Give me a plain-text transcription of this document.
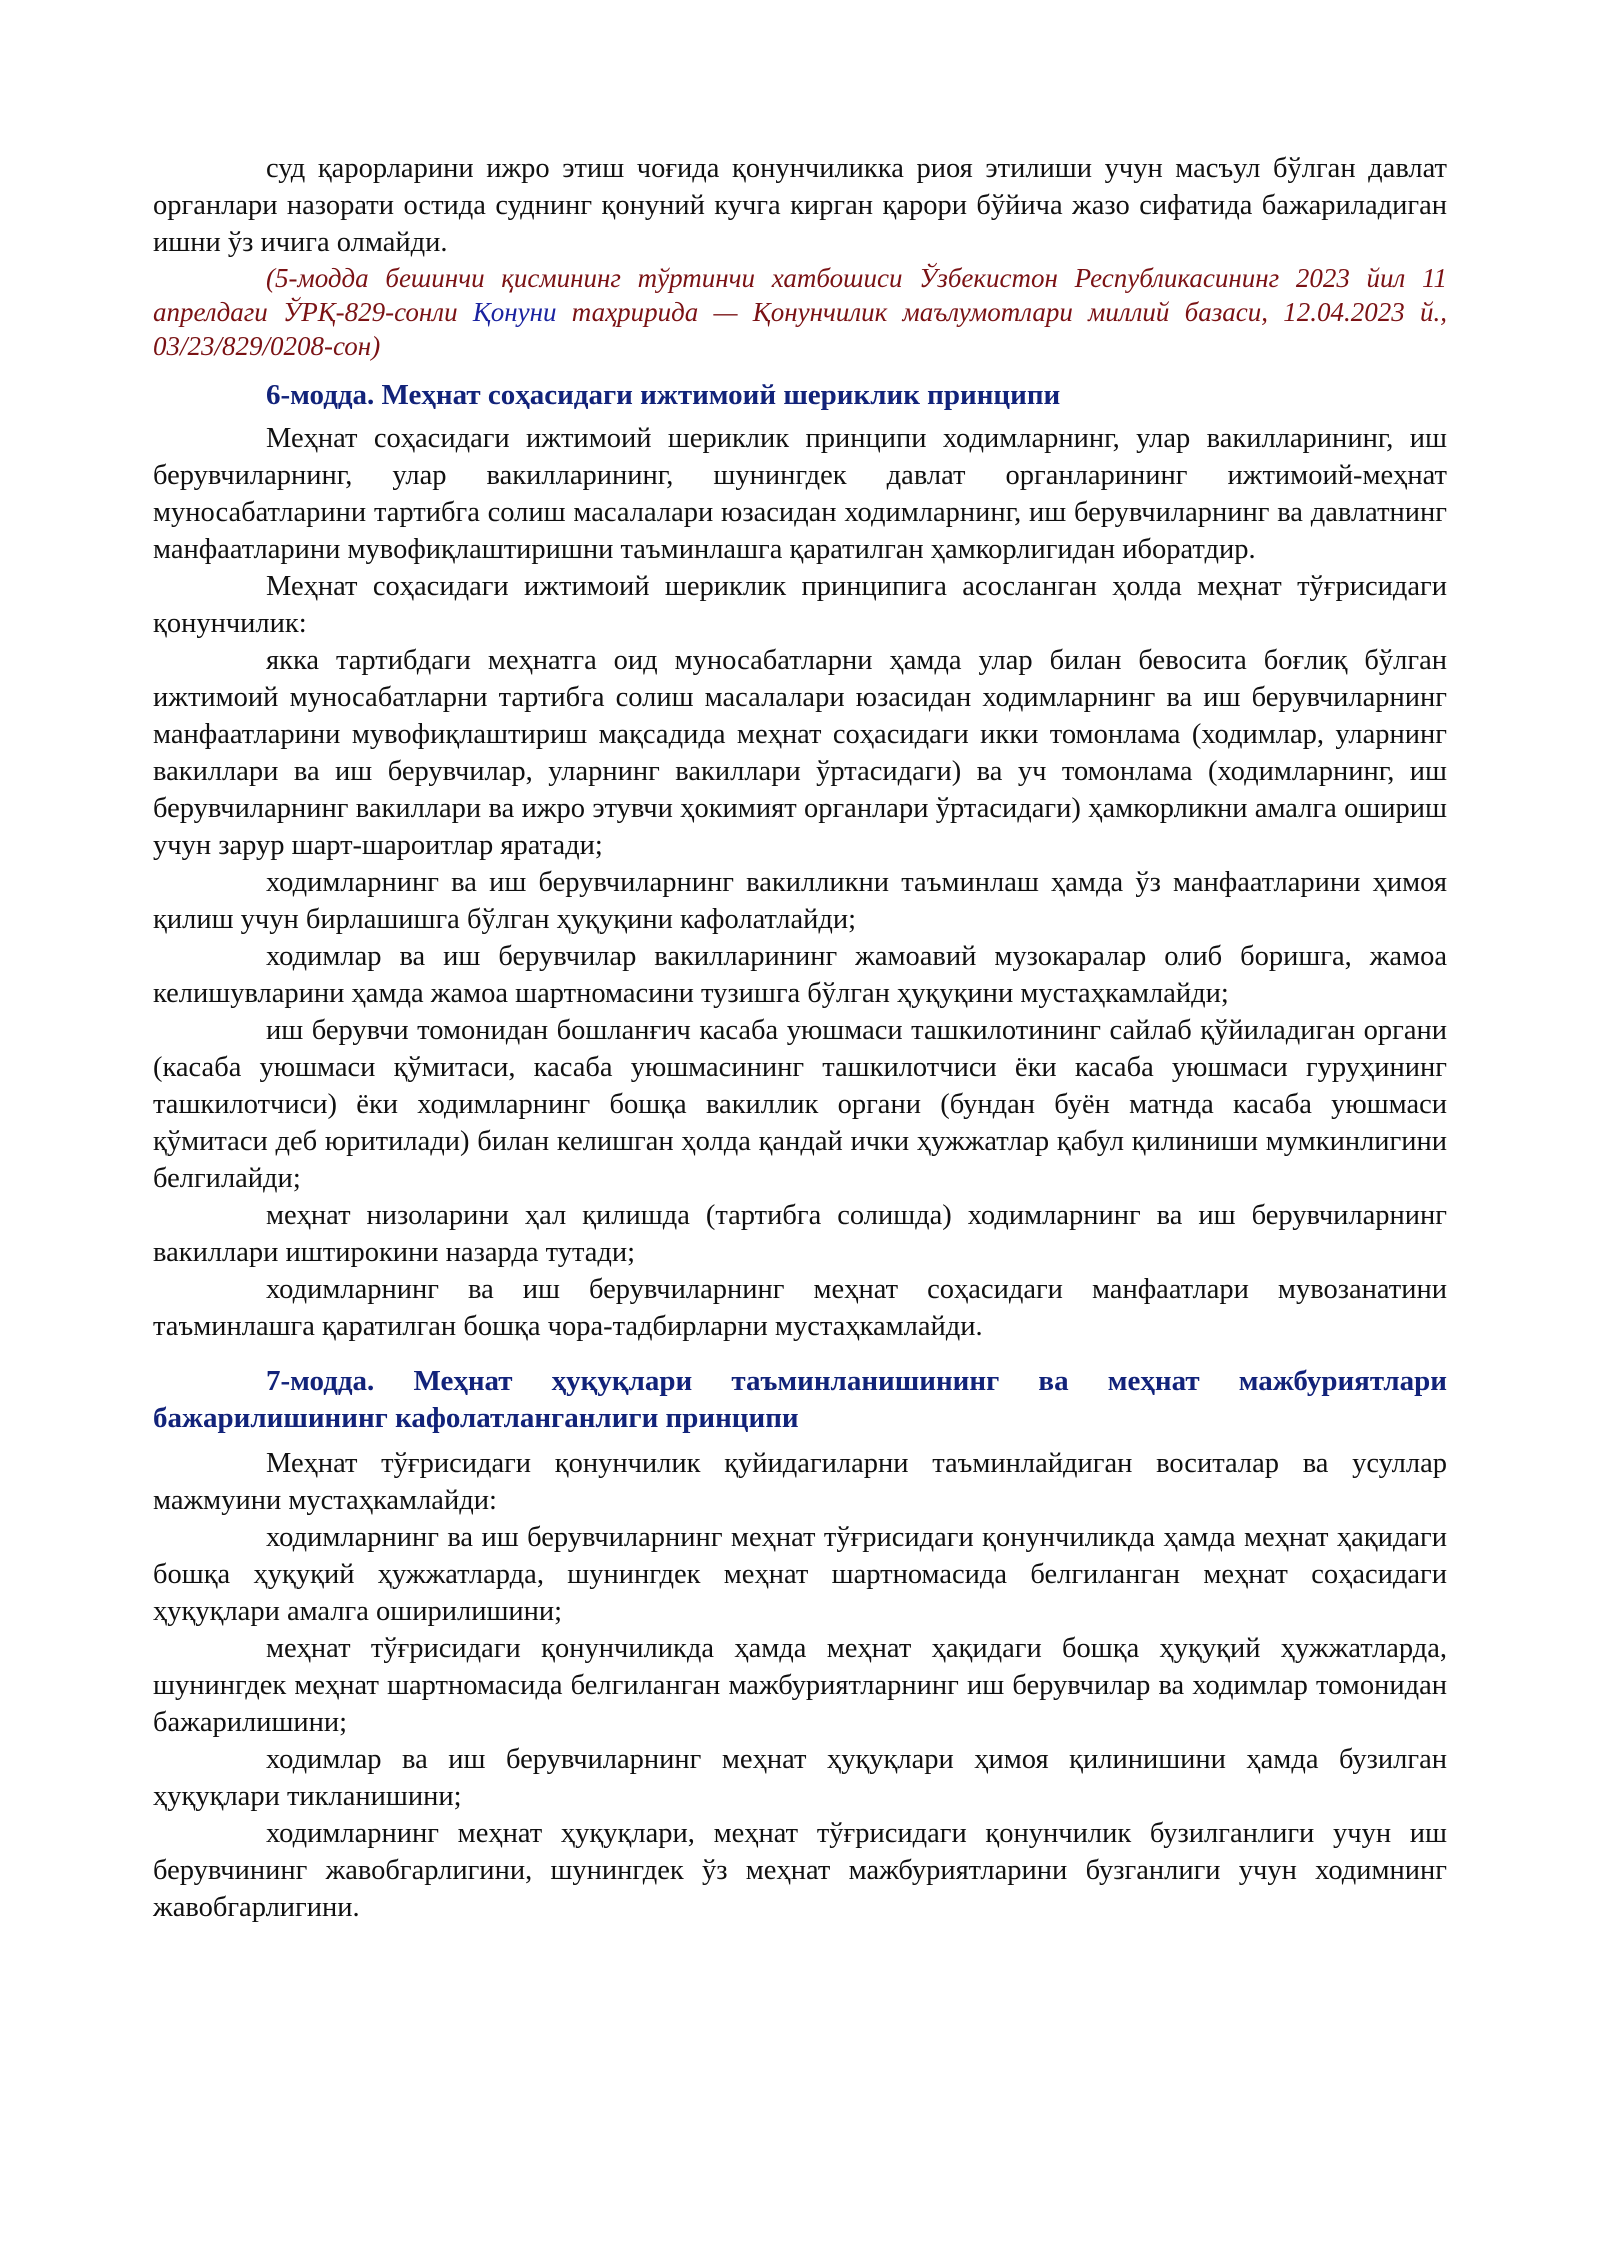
суд қарорларини ижро этиш чоғида қонунчиликка риоя этилиши учун масъул бўлган давлат органлари назорати остида суднинг қонуний кучга кирган қарори бўйича жазо сифатида бажариладиган ишни ўз ичига олмайди.

(5-модда бешинчи қисмининг тўртинчи хатбошиси Ўзбекистон Республикасининг 2023 йил 11 апрелдаги ЎРҚ-829-сонли Қонуни таҳририда — Қонунчилик маълумотлари миллий базаси, 12.04.2023 й., 03/23/829/0208-сон)

6-модда. Меҳнат соҳасидаги ижтимоий шериклик принципи

Меҳнат соҳасидаги ижтимоий шериклик принципи ходимларнинг, улар вакилларининг, иш берувчиларнинг, улар вакилларининг, шунингдек давлат органларининг ижтимоий-меҳнат муносабатларини тартибга солиш масалалари юзасидан ходимларнинг, иш берувчиларнинг ва давлатнинг манфаатларини мувофиқлаштиришни таъминлашга қаратилган ҳамкорлигидан иборатдир.

Меҳнат соҳасидаги ижтимоий шериклик принципига асосланган ҳолда меҳнат тўғрисидаги қонунчилик:

якка тартибдаги меҳнатга оид муносабатларни ҳамда улар билан бевосита боғлиқ бўлган ижтимоий муносабатларни тартибга солиш масалалари юзасидан ходимларнинг ва иш берувчиларнинг манфаатларини мувофиқлаштириш мақсадида меҳнат соҳасидаги икки томонлама (ходимлар, уларнинг вакиллари ва иш берувчилар, уларнинг вакиллари ўртасидаги) ва уч томонлама (ходимларнинг, иш берувчиларнинг вакиллари ва ижро этувчи ҳокимият органлари ўртасидаги) ҳамкорликни амалга ошириш учун зарур шарт-шароитлар яратади;

ходимларнинг ва иш берувчиларнинг вакилликни таъминлаш ҳамда ўз манфаатларини ҳимоя қилиш учун бирлашишга бўлган ҳуқуқини кафолатлайди;

ходимлар ва иш берувчилар вакилларининг жамоавий музокаралар олиб боришга, жамоа келишувларини ҳамда жамоа шартномасини тузишга бўлган ҳуқуқини мустаҳкамлайди;

иш берувчи томонидан бошланғич касаба уюшмаси ташкилотининг сайлаб қўйиладиган органи (касаба уюшмаси қўмитаси, касаба уюшмасининг ташкилотчиси ёки касаба уюшмаси гуруҳининг ташкилотчиси) ёки ходимларнинг бошқа вакиллик органи (бундан буён матнда касаба уюшмаси қўмитаси деб юритилади) билан келишган ҳолда қандай ички ҳужжатлар қабул қилиниши мумкинлигини белгилайди;

меҳнат низоларини ҳал қилишда (тартибга солишда) ходимларнинг ва иш берувчиларнинг вакиллари иштирокини назарда тутади;

ходимларнинг ва иш берувчиларнинг меҳнат соҳасидаги манфаатлари мувозанатини таъминлашга қаратилган бошқа чора-тадбирларни мустаҳкамлайди.

7-модда. Меҳнат ҳуқуқлари таъминланишининг ва меҳнат мажбуриятлари бажарилишининг кафолатланганлиги принципи

Меҳнат тўғрисидаги қонунчилик қуйидагиларни таъминлайдиган воситалар ва усуллар мажмуини мустаҳкамлайди:

ходимларнинг ва иш берувчиларнинг меҳнат тўғрисидаги қонунчиликда ҳамда меҳнат ҳақидаги бошқа ҳуқуқий ҳужжатларда, шунингдек меҳнат шартномасида белгиланган меҳнат соҳасидаги ҳуқуқлари амалга оширилишини;

меҳнат тўғрисидаги қонунчиликда ҳамда меҳнат ҳақидаги бошқа ҳуқуқий ҳужжатларда, шунингдек меҳнат шартномасида белгиланган мажбуриятларнинг иш берувчилар ва ходимлар томонидан бажарилишини;

ходимлар ва иш берувчиларнинг меҳнат ҳуқуқлари ҳимоя қилинишини ҳамда бузилган ҳуқуқлари тикланишини;

ходимларнинг меҳнат ҳуқуқлари, меҳнат тўғрисидаги қонунчилик бузилганлиги учун иш берувчининг жавобгарлигини, шунингдек ўз меҳнат мажбуриятларини бузганлиги учун ходимнинг жавобгарлигини.
